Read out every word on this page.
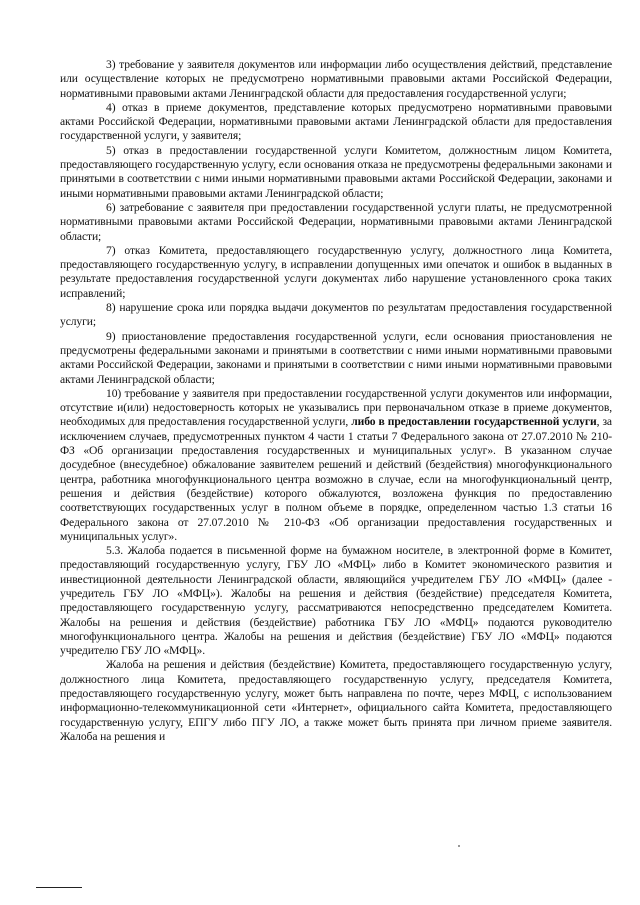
3) требование у заявителя документов или информации либо осуществления действий, представление или осуществление которых не предусмотрено нормативными правовыми актами Российской Федерации, нормативными правовыми актами Ленинградской области для предоставления государственной услуги;

4) отказ в приеме документов, представление которых предусмотрено нормативными правовыми актами Российской Федерации, нормативными правовыми актами Ленинградской области для предоставления государственной услуги, у заявителя;

5) отказ в предоставлении государственной услуги Комитетом, должностным лицом Комитета, предоставляющего государственную услугу, если основания отказа не предусмотрены федеральными законами и принятыми в соответствии с ними иными нормативными правовыми актами Российской Федерации, законами и иными нормативными правовыми актами Ленинградской области;

6) затребование с заявителя при предоставлении государственной услуги платы, не предусмотренной нормативными правовыми актами Российской Федерации, нормативными правовыми актами Ленинградской области;

7) отказ Комитета, предоставляющего государственную услугу, должностного лица Комитета, предоставляющего государственную услугу, в исправлении допущенных ими опечаток и ошибок в выданных в результате предоставления государственной услуги документах либо нарушение установленного срока таких исправлений;

8) нарушение срока или порядка выдачи документов по результатам предоставления государственной услуги;

9) приостановление предоставления государственной услуги, если основания приостановления не предусмотрены федеральными законами и принятыми в соответствии с ними иными нормативными правовыми актами Российской Федерации, законами и принятыми в соответствии с ними иными нормативными правовыми актами Ленинградской области;

10) требование у заявителя при предоставлении государственной услуги документов или информации, отсутствие и(или) недостоверность которых не указывались при первоначальном отказе в приеме документов, необходимых для предоставления государственной услуги, либо в предоставлении государственной услуги, за исключением случаев, предусмотренных пунктом 4 части 1 статьи 7 Федерального закона от 27.07.2010 № 210-ФЗ «Об организации предоставления государственных и муниципальных услуг». В указанном случае досудебное (внесудебное) обжалование заявителем решений и действий (бездействия) многофункционального центра, работника многофункционального центра возможно в случае, если на многофункциональный центр, решения и действия (бездействие) которого обжалуются, возложена функция по предоставлению соответствующих государственных услуг в полном объеме в порядке, определенном частью 1.3 статьи 16 Федерального закона от 27.07.2010 № 210-ФЗ «Об организации предоставления государственных и муниципальных услуг».

5.3. Жалоба подается в письменной форме на бумажном носителе, в электронной форме в Комитет, предоставляющий государственную услугу, ГБУ ЛО «МФЦ» либо в Комитет экономического развития и инвестиционной деятельности Ленинградской области, являющийся учредителем ГБУ ЛО «МФЦ» (далее - учредитель ГБУ ЛО «МФЦ»). Жалобы на решения и действия (бездействие) председателя Комитета, предоставляющего государственную услугу, рассматриваются непосредственно председателем Комитета. Жалобы на решения и действия (бездействие) работника ГБУ ЛО «МФЦ» подаются руководителю многофункционального центра. Жалобы на решения и действия (бездействие) ГБУ ЛО «МФЦ» подаются учредителю ГБУ ЛО «МФЦ».

Жалоба на решения и действия (бездействие) Комитета, предоставляющего государственную услугу, должностного лица Комитета, предоставляющего государственную услугу, председателя Комитета, предоставляющего государственную услугу, может быть направлена по почте, через МФЦ, с использованием информационно-телекоммуникационной сети «Интернет», официального сайта Комитета, предоставляющего государственную услугу, ЕПГУ либо ПГУ ЛО, а также может быть принята при личном приеме заявителя. Жалоба на решения и
